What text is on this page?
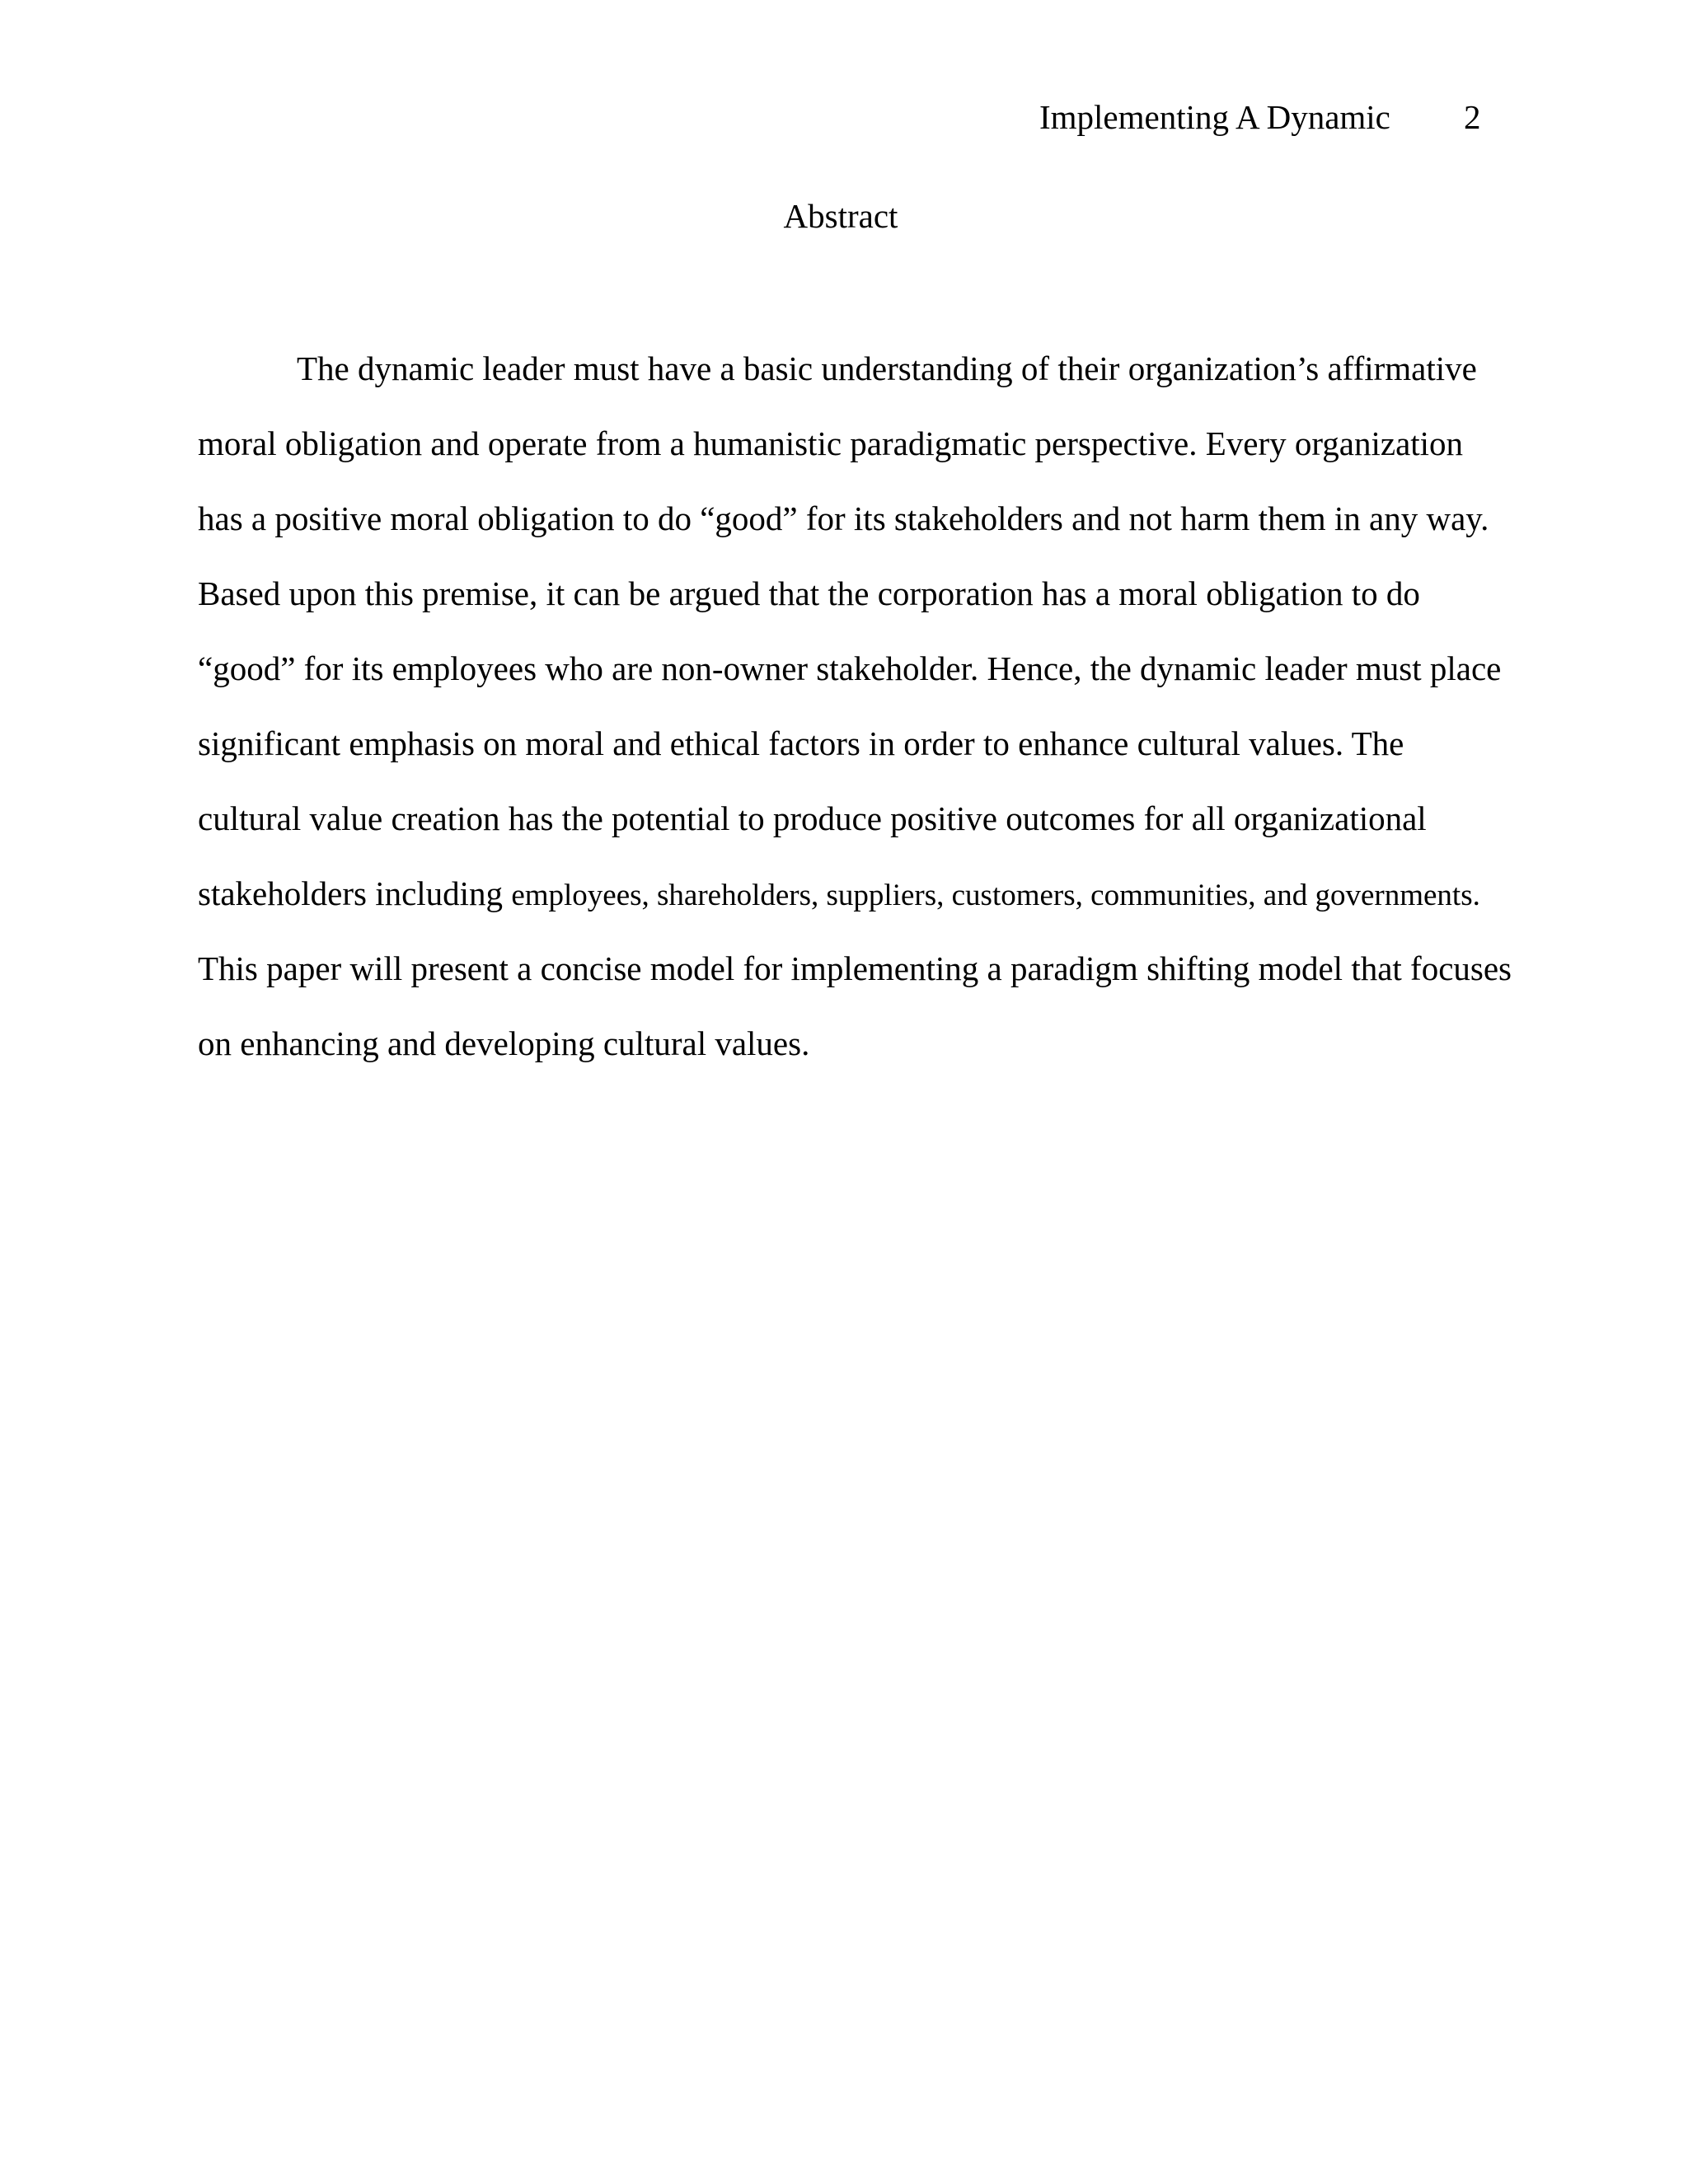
Implementing A Dynamic 2
Abstract
The dynamic leader must have a basic understanding of their organization’s affirmative
moral obligation and operate from a humanistic paradigmatic perspective. Every organization
has a positive moral obligation to do “good” for its stakeholders and not harm them in any way.
Based upon this premise, it can be argued that the corporation has a moral obligation to do
“good” for its employees who are non-owner stakeholder. Hence, the dynamic leader must place
significant emphasis on moral and ethical factors in order to enhance cultural values. The
cultural value creation has the potential to produce positive outcomes for all organizational
stakeholders including employees, shareholders, suppliers, customers, communities, and governments.
This paper will present a concise model for implementing a paradigm shifting model that focuses
on enhancing and developing cultural values.
